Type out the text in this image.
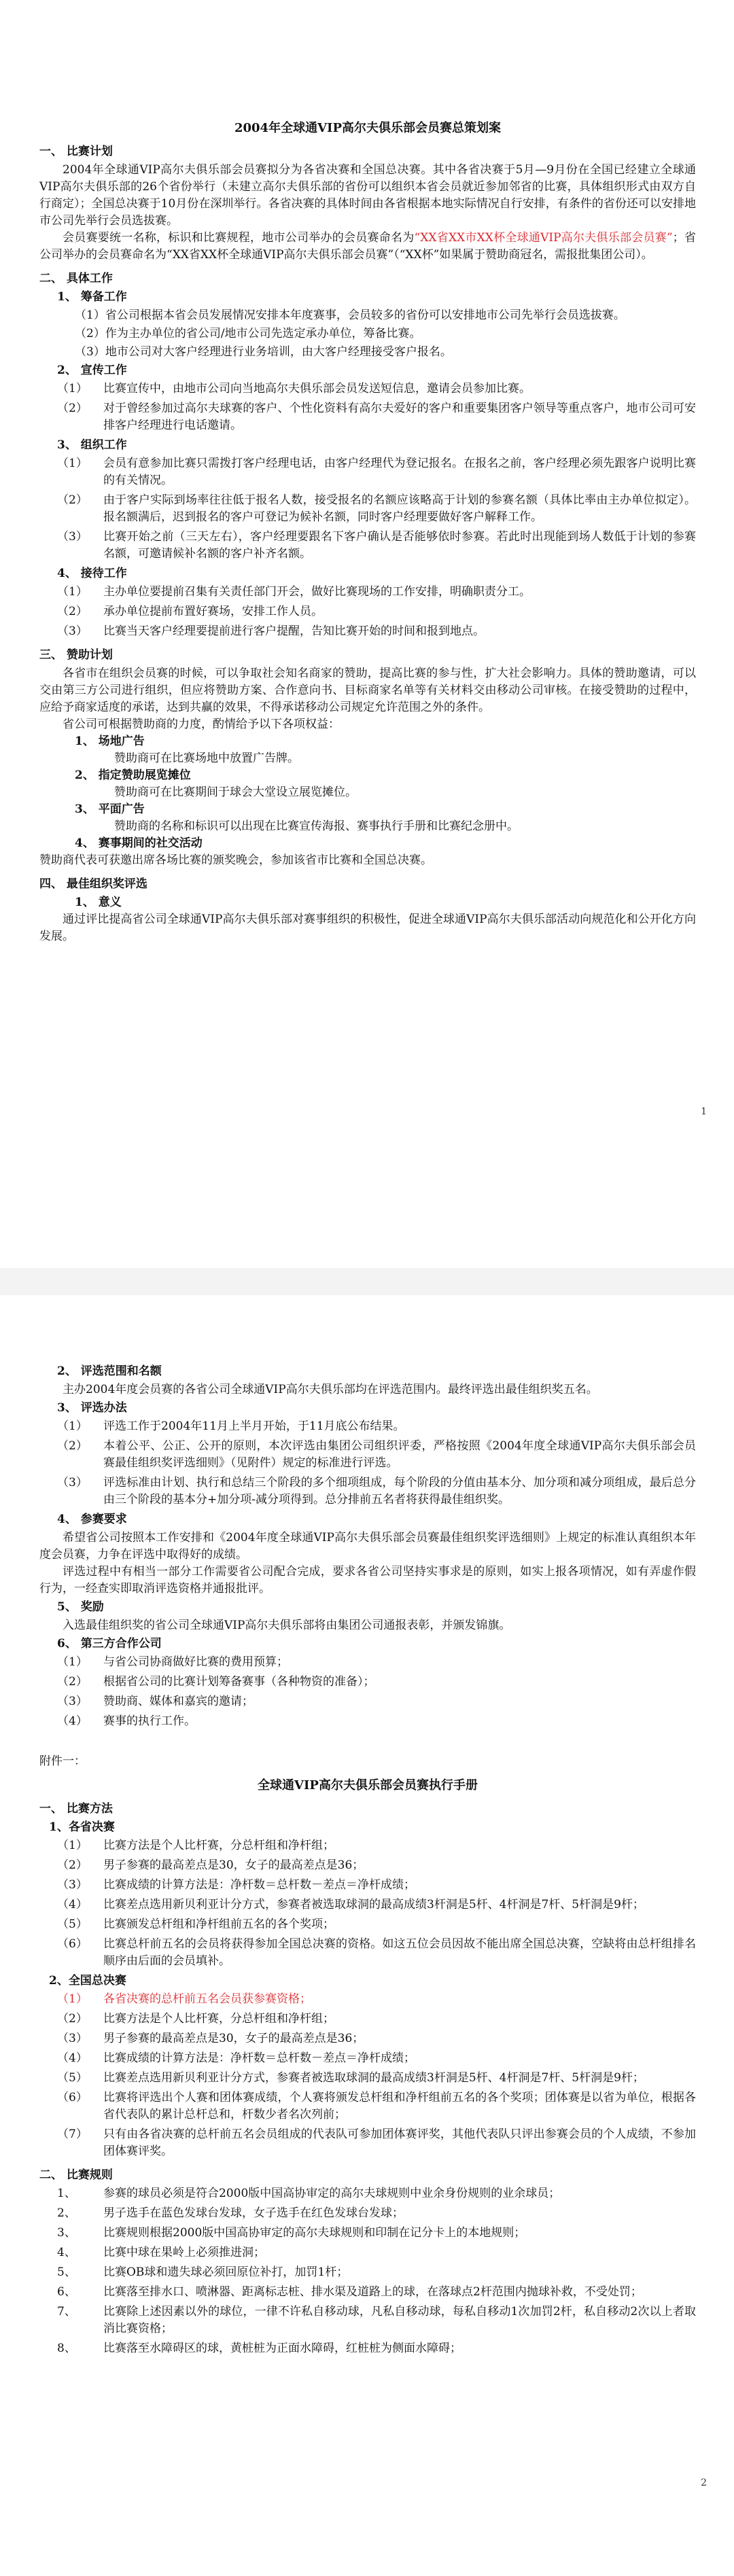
2004年全球通VIP高尔夫俱乐部会员赛总策划案
一、 比赛计划

2004年全球通VIP高尔夫俱乐部会员赛拟分为各省决赛和全国总决赛。其中各省决赛于5月—9月份在全国已经建立全球通VIP高尔夫俱乐部的26个省份举行（未建立高尔夫俱乐部的省份可以组织本省会员就近参加邻省的比赛，具体组织形式由双方自行商定）；全国总决赛于10月份在深圳举行。各省决赛的具体时间由各省根据本地实际情况自行安排，有条件的省份还可以安排地市公司先举行会员选拔赛。

会员赛要统一名称，标识和比赛规程，地市公司举办的会员赛命名为“XX省XX市XX杯全球通VIP高尔夫俱乐部会员赛”；省公司举办的会员赛命名为“XX省XX杯全球通VIP高尔夫俱乐部会员赛”（“XX杯”如果属于赞助商冠名，需报批集团公司）。

二、 具体工作
1、 筹备工作
（1）省公司根据本省会员发展情况安排本年度赛事，会员较多的省份可以安排地市公司先举行会员选拔赛。
（2）作为主办单位的省公司/地市公司先选定承办单位，筹备比赛。
（3）地市公司对大客户经理进行业务培训，由大客户经理接受客户报名。
2、 宣传工作
（1）	比赛宣传中，由地市公司向当地高尔夫俱乐部会员发送短信息，邀请会员参加比赛。
（2）	对于曾经参加过高尔夫球赛的客户、个性化资料有高尔夫爱好的客户和重要集团客户领导等重点客户，地市公司可安排客户经理进行电话邀请。
3、 组织工作
（1）	会员有意参加比赛只需拨打客户经理电话，由客户经理代为登记报名。在报名之前，客户经理必须先跟客户说明比赛的有关情况。
（2）	由于客户实际到场率往往低于报名人数，接受报名的名额应该略高于计划的参赛名额（具体比率由主办单位拟定）。报名额满后，迟到报名的客户可登记为候补名额，同时客户经理要做好客户解释工作。
（3）	比赛开始之前（三天左右），客户经理要跟名下客户确认是否能够依时参赛。若此时出现能到场人数低于计划的参赛名额，可邀请候补名额的客户补齐名额。
4、 接待工作
（1）	主办单位要提前召集有关责任部门开会，做好比赛现场的工作安排，明确职责分工。
（2）	承办单位提前布置好赛场，安排工作人员。
（3）	比赛当天客户经理要提前进行客户提醒，告知比赛开始的时间和报到地点。
三、 赞助计划

各省市在组织会员赛的时候，可以争取社会知名商家的赞助，提高比赛的参与性，扩大社会影响力。具体的赞助邀请，可以交由第三方公司进行组织，但应将赞助方案、合作意向书、目标商家名单等有关材料交由移动公司审核。在接受赞助的过程中，应给予商家适度的承诺，达到共赢的效果，不得承诺移动公司规定允许范围之外的条件。

省公司可根据赞助商的力度，酌情给予以下各项权益：

1、 场地广告
赞助商可在比赛场地中放置广告牌。
2、 指定赞助展览摊位
赞助商可在比赛期间于球会大堂设立展览摊位。
3、 平面广告
赞助商的名称和标识可以出现在比赛宣传海报、赛事执行手册和比赛纪念册中。
4、 赛事期间的社交活动
赞助商代表可获邀出席各场比赛的颁奖晚会，参加该省市比赛和全国总决赛。
四、 最佳组织奖评选
1、 意义

通过评比提高省公司全球通VIP高尔夫俱乐部对赛事组织的积极性，促进全球通VIP高尔夫俱乐部活动向规范化和公开化方向发展。

1
2、 评选范围和名额

主办2004年度会员赛的各省公司全球通VIP高尔夫俱乐部均在评选范围内。最终评选出最佳组织奖五名。

3、 评选办法
（1）	评选工作于2004年11月上半月开始，于11月底公布结果。
（2）	本着公平、公正、公开的原则，本次评选由集团公司组织评委，严格按照《2004年度全球通VIP高尔夫俱乐部会员赛最佳组织奖评选细则》（见附件）规定的标准进行评选。
（3）	评选标准由计划、执行和总结三个阶段的多个细项组成，每个阶段的分值由基本分、加分项和减分项组成，最后总分由三个阶段的基本分+加分项-减分项得到。总分排前五名者将获得最佳组织奖。
4、 参赛要求

希望省公司按照本工作安排和《2004年度全球通VIP高尔夫俱乐部会员赛最佳组织奖评选细则》上规定的标准认真组织本年度会员赛，力争在评选中取得好的成绩。

评选过程中有相当一部分工作需要省公司配合完成，要求各省公司坚持实事求是的原则，如实上报各项情况，如有弄虚作假行为，一经查实即取消评选资格并通报批评。

5、 奖励

入选最佳组织奖的省公司全球通VIP高尔夫俱乐部将由集团公司通报表彰，并颁发锦旗。

6、 第三方合作公司
（1）	与省公司协商做好比赛的费用预算；
（2）	根据省公司的比赛计划筹备赛事（各种物资的准备）；
（3）	赞助商、媒体和嘉宾的邀请；
（4）	赛事的执行工作。
附件一：
全球通VIP高尔夫俱乐部会员赛执行手册
一、 比赛方法
1、各省决赛
（1）	比赛方法是个人比杆赛，分总杆组和净杆组；
（2）	男子参赛的最高差点是30，女子的最高差点是36；
（3）	比赛成绩的计算方法是：净杆数＝总杆数－差点＝净杆成绩；
（4）	比赛差点选用新贝利亚计分方式，参赛者被选取球洞的最高成绩3杆洞是5杆、4杆洞是7杆、5杆洞是9杆；
（5）	比赛颁发总杆组和净杆组前五名的各个奖项；
（6）	比赛总杆前五名的会员将获得参加全国总决赛的资格。如这五位会员因故不能出席全国总决赛，空缺将由总杆组排名顺序由后面的会员填补。
2、全国总决赛
（1）	各省决赛的总杆前五名会员获参赛资格；
（2）	比赛方法是个人比杆赛，分总杆组和净杆组；
（3）	男子参赛的最高差点是30，女子的最高差点是36；
（4）	比赛成绩的计算方法是：净杆数＝总杆数－差点＝净杆成绩；
（5）	比赛差点选用新贝利亚计分方式，参赛者被选取球洞的最高成绩3杆洞是5杆、4杆洞是7杆、5杆洞是9杆；
（6）	比赛将评选出个人赛和团体赛成绩，个人赛将颁发总杆组和净杆组前五名的各个奖项；团体赛是以省为单位，根据各省代表队的累计总杆总和，杆数少者名次列前；
（7）	只有由各省决赛的总杆前五名会员组成的代表队可参加团体赛评奖，其他代表队只评出参赛会员的个人成绩，不参加团体赛评奖。
二、 比赛规则
1、	参赛的球员必须是符合2000版中国高协审定的高尔夫球规则中业余身份规则的业余球员；
2、	男子选手在蓝色发球台发球，女子选手在红色发球台发球；
3、	比赛规则根据2000版中国高协审定的高尔夫球规则和印制在记分卡上的本地规则；
4、	比赛中球在果岭上必须推进洞；
5、	比赛OB球和遗失球必须回原位补打，加罚1杆；
6、	比赛落至排水口、喷淋器、距离标志桩、排水渠及道路上的球，在落球点2杆范围内抛球补救，不受处罚；
7、	比赛除上述因素以外的球位，一律不许私自移动球，凡私自移动球，每私自移动1次加罚2杆，私自移动2次以上者取消比赛资格；
8、	比赛落至水障碍区的球，黄桩桩为正面水障碍，红桩桩为侧面水障碍；
2
